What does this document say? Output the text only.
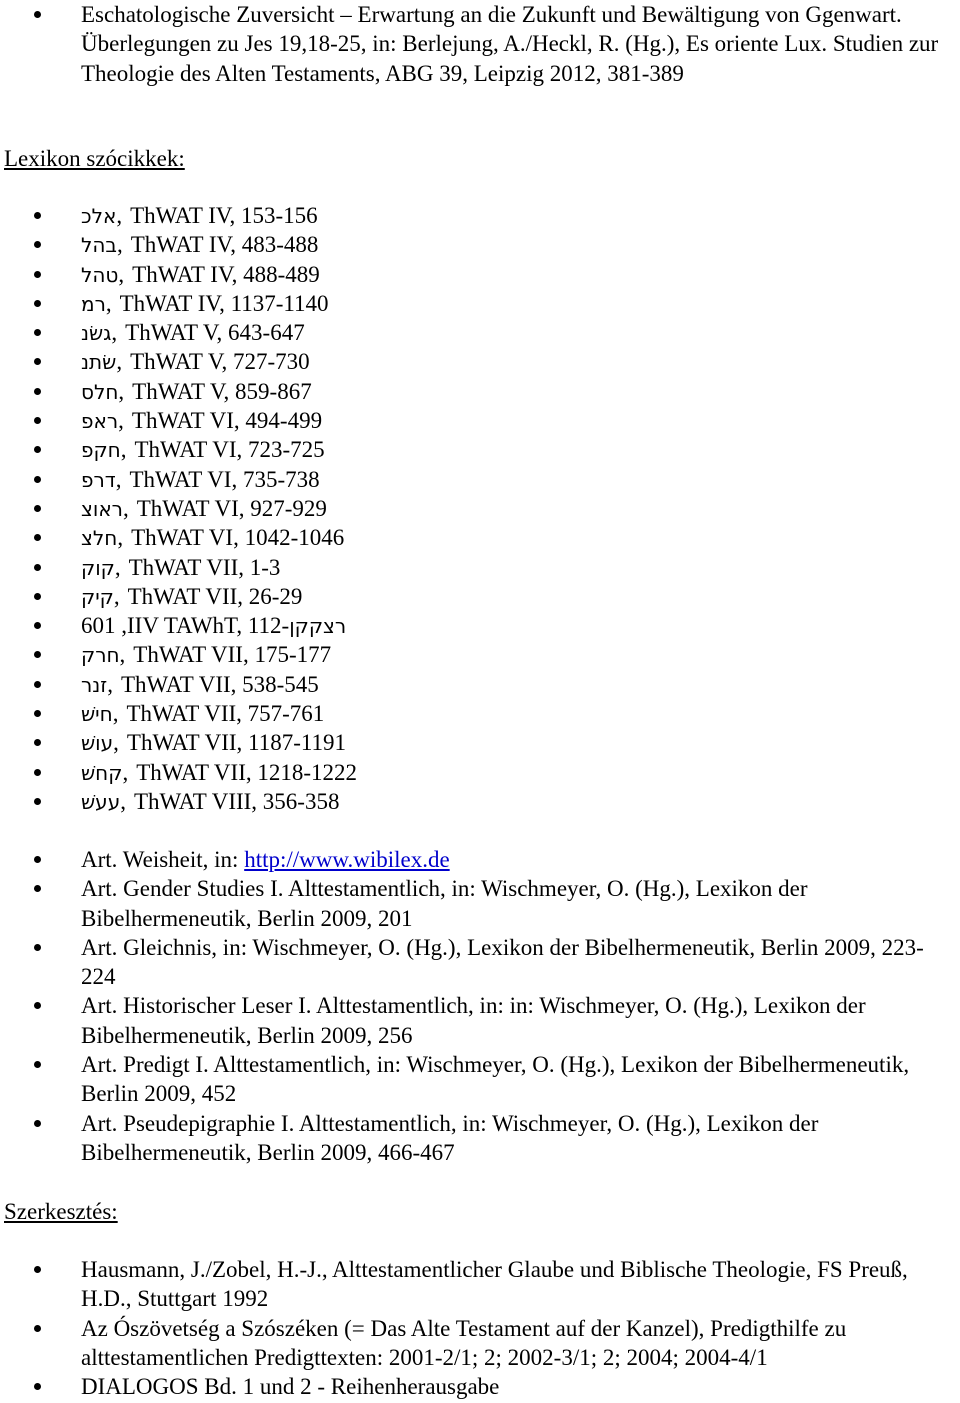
Eschatologische Zuversicht – Erwartung an die Zukunft und Bewältigung von Ggenwart. Überlegungen zu Jes 19,18-25, in: Berlejung, A./Heckl, R. (Hg.), Es oriente Lux. Studien zur Theologie des Alten Testaments, ABG 39, Leipzig 2012, 381-389
Lexikon szócikkek:
אלכ, ThWAT IV, 153-156
בהל, ThWAT IV, 483-488
טהל, ThWAT IV, 488-489
רמ, ThWAT IV, 1137-1140
גשׂנ, ThWAT V, 643-647
שׂתנ, ThWAT V, 727-730
חלס, ThWAT V, 859-867
ראפ, ThWAT VI, 494-499
חקפ, ThWAT VI, 723-725
דרפ, ThWAT VI, 735-738
ראוצ, ThWAT VI, 927-929
חלצ, ThWAT VI, 1042-1046
קוק, ThWAT VII, 1-3
קיק, ThWAT VII, 26-29
601 ,IIV TAWhT, 112-רצקקן
חרק, ThWAT VII, 175-177
זנר, ThWAT VII, 538-545
חישׁ, ThWAT VII, 757-761
עושׁ, ThWAT VII, 1187-1191
קחשׁ, ThWAT VII, 1218-1222
עעשׁ, ThWAT VIII, 356-358
Art. Weisheit, in: http://www.wibilex.de
Art. Gender Studies I. Alttestamentlich, in: Wischmeyer, O. (Hg.), Lexikon der Bibelhermeneutik, Berlin 2009, 201
Art. Gleichnis, in: Wischmeyer, O. (Hg.), Lexikon der Bibelhermeneutik, Berlin 2009, 223-224
Art. Historischer Leser I. Alttestamentlich, in: in: Wischmeyer, O. (Hg.), Lexikon der Bibelhermeneutik, Berlin 2009, 256
Art. Predigt I. Alttestamentlich, in: Wischmeyer, O. (Hg.), Lexikon der Bibelhermeneutik, Berlin 2009, 452
Art. Pseudepigraphie I. Alttestamentlich, in: Wischmeyer, O. (Hg.), Lexikon der Bibelhermeneutik, Berlin 2009, 466-467
Szerkesztés:
Hausmann, J./Zobel, H.-J., Alttestamentlicher Glaube und Biblische Theologie, FS Preuß, H.D., Stuttgart 1992
Az Ószövetség a Szószéken (= Das Alte Testament auf der Kanzel), Predigthilfe zu alttestamentlichen Predigttexten: 2001-2/1; 2; 2002-3/1; 2; 2004; 2004-4/1
DIALOGOS Bd. 1 und 2 - Reihenherausgabe
